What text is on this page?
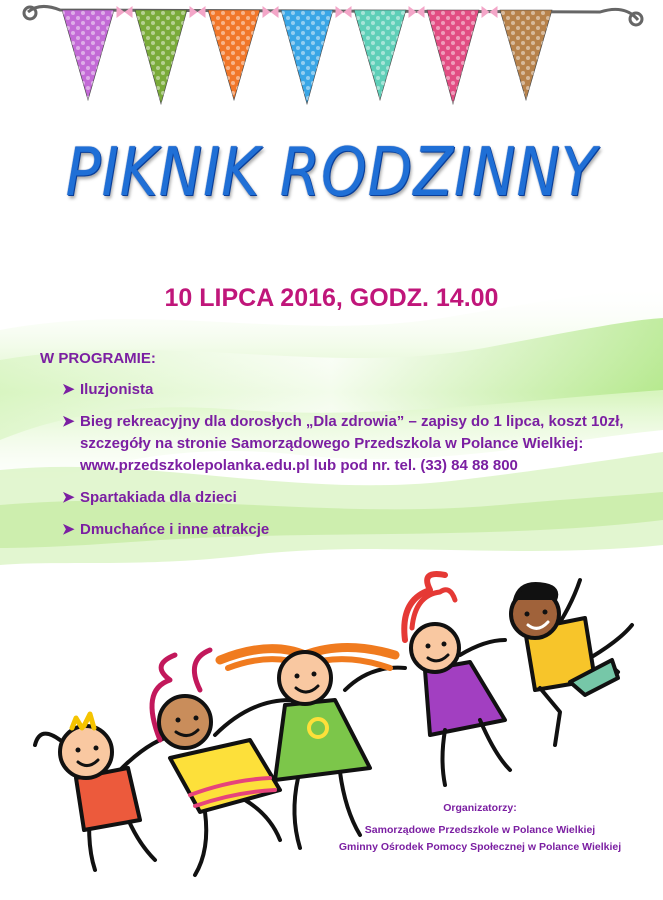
PIKNIK RODZINNY
10 LIPCA 2016, GODZ. 14.00
W PROGRAMIE:
➤ Iluzjonista
➤ Bieg rekreacyjny dla dorosłych „Dla zdrowia” – zapisy do 1 lipca, koszt 10zł,
szczegóły na stronie Samorządowego Przedszkola w Polance Wielkiej:
www.przedszkolepolanka.edu.pl lub pod nr. tel. (33) 84 88 800
➤ Spartakiada dla dzieci
➤ Dmuchańce i inne atrakcje
Organizatorzy:
Samorządowe Przedszkole w Polance Wielkiej
Gminny Ośrodek Pomocy Społecznej w Polance Wielkiej
